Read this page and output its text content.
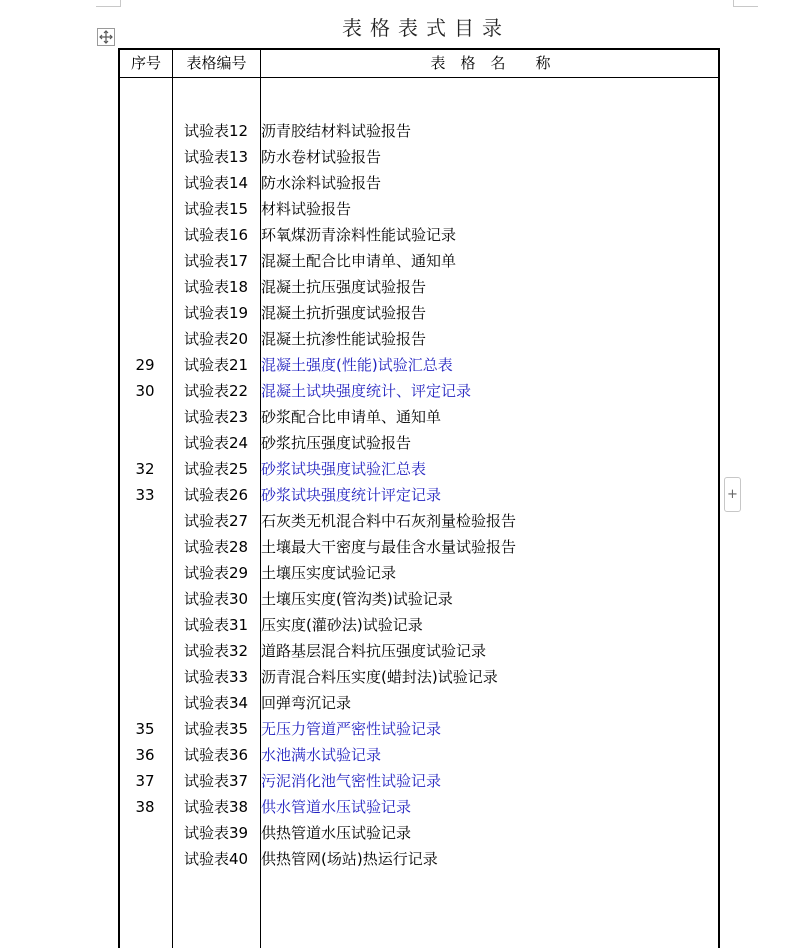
表格表式目录
序号	表格编号	表　格　名　　称
试验表12 沥青胶结材料试验报告
试验表13 防水卷材试验报告
试验表14 防水涂料试验报告
试验表15 材料试验报告
试验表16 环氧煤沥青涂料性能试验记录
试验表17 混凝土配合比申请单、通知单
试验表18 混凝土抗压强度试验报告
试验表19 混凝土抗折强度试验报告
试验表20 混凝土抗渗性能试验报告
29	试验表21 混凝土强度(性能)试验汇总表
30	试验表22 混凝土试块强度统计、评定记录
试验表23 砂浆配合比申请单、通知单
试验表24 砂浆抗压强度试验报告
32	试验表25 砂浆试块强度试验汇总表
33	试验表26 砂浆试块强度统计评定记录
试验表27 石灰类无机混合料中石灰剂量检验报告
试验表28 土壤最大干密度与最佳含水量试验报告
试验表29 土壤压实度试验记录
试验表30 土壤压实度(管沟类)试验记录
试验表31 压实度(灌砂法)试验记录
试验表32 道路基层混合料抗压强度试验记录
试验表33 沥青混合料压实度(蜡封法)试验记录
试验表34 回弹弯沉记录
35	试验表35 无压力管道严密性试验记录
36	试验表36 水池满水试验记录
37	试验表37 污泥消化池气密性试验记录
38	试验表38 供水管道水压试验记录
试验表39 供热管道水压试验记录
试验表40 供热管网(场站)热运行记录
+
